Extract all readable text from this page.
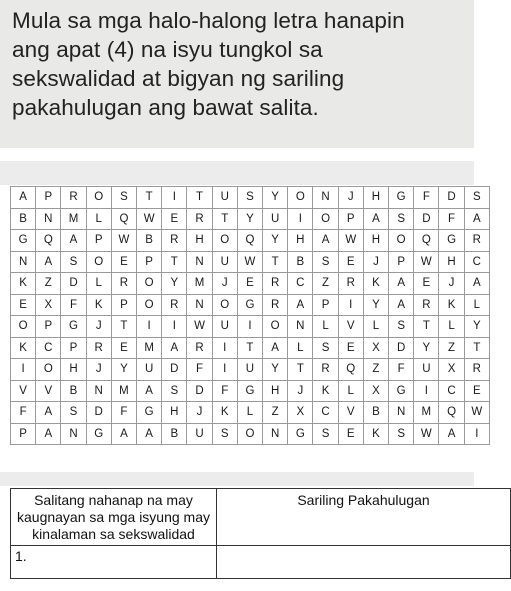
Mula sa mga halo-halong letra hanapin

ang apat (4) na isyu tungkol sa

sekswalidad at bigyan ng sariling

pakahulugan ang bawat salita.

A	P	R	O	S	T	I	T	U	S	Y	O	N	J	H	G	F	D	S
B	N	M	L	Q	W	E	R	T	Y	U	I	O	P	A	S	D	F	A
G	Q	A	P	W	B	R	H	O	Q	Y	H	A	W	H	O	Q	G	R
N	A	S	O	E	P	T	N	U	W	T	B	S	E	J	P	W	H	C
K	Z	D	L	R	O	Y	M	J	E	R	C	Z	R	K	A	E	J	A
E	X	F	K	P	O	R	N	O	G	R	A	P	I	Y	A	R	K	L
O	P	G	J	T	I	I	W	U	I	O	N	L	V	L	S	T	L	Y
K	C	P	R	E	M	A	R	I	T	A	L	S	E	X	D	Y	Z	T
I	O	H	J	Y	U	D	F	I	U	Y	T	R	Q	Z	F	U	X	R
V	V	B	N	M	A	S	D	F	G	H	J	K	L	X	G	I	C	E
F	A	S	D	F	G	H	J	K	L	Z	X	C	V	B	N	M	Q	W
P	A	N	G	A	A	B	U	S	O	N	G	S	E	K	S	W	A	I
Salitang nahanap na may kaugnayan sa mga isyung may kinalaman sa sekswalidad	Sariling Pakahulugan
1.	
